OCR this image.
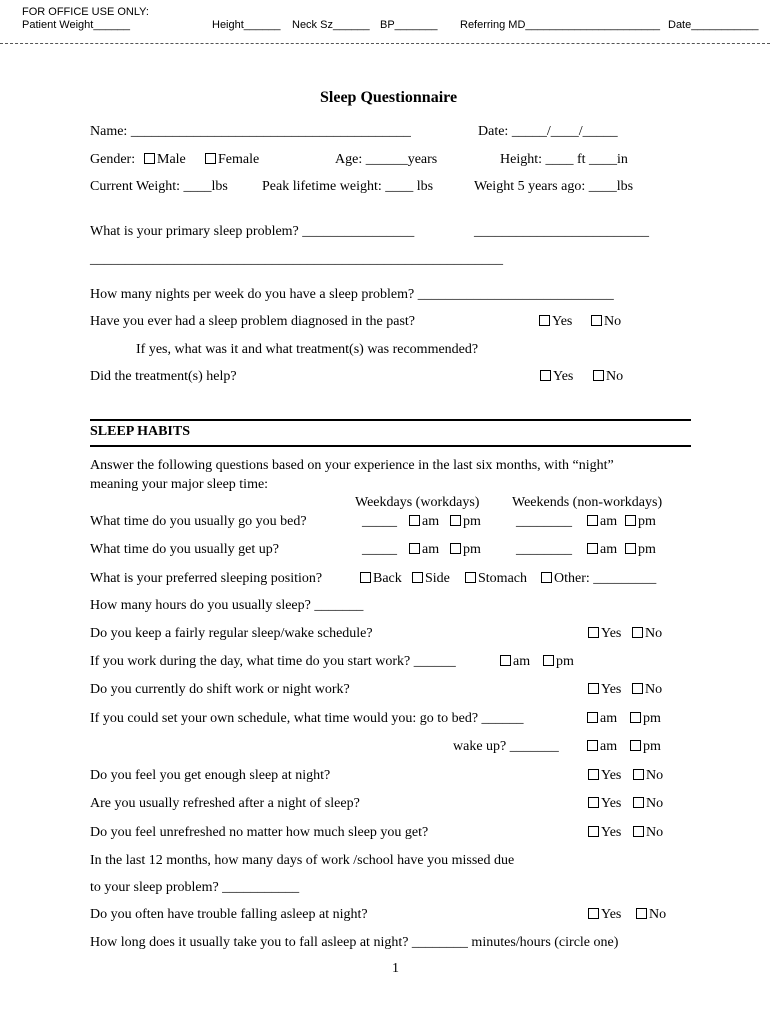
FOR OFFICE USE ONLY:
Patient Weight______	Height______ Neck Sz______ BP_______ Referring MD______________________ Date___________
Sleep Questionnaire
Name: ________________________________________	Date: _____/____/_____
Gender:	Male	Female	Age: ______years	Height: ____ ft ____in
Current Weight: ____lbs Peak lifetime weight: ____ lbs	Weight 5 years ago: ____lbs
What is your primary sleep problem? ________________	_________________________
___________________________________________________________
How many nights per week do you have a sleep problem? ____________________________
Have you ever had a sleep problem diagnosed in the past?	Yes	No
If yes, what was it and what treatment(s) was recommended?
Did the treatment(s) help?	Yes	No
SLEEP HABITS
Answer the following questions based on your experience in the last six months, with “night”
meaning your major sleep time:
Weekdays (workdays) Weekends (non-workdays)
What time do you usually go you bed?	_____	am	pm	________	am	pm
What time do you usually get up?	_____	am	pm	________	am	pm
What is your preferred sleeping position?	Back	Side	Stomach	Other: _________
How many hours do you usually sleep? _______
Do you keep a fairly regular sleep/wake schedule?	Yes	No
If you work during the day, what time do you start work? ______	am	pm
Do you currently do shift work or night work?	Yes	No
If you could set your own schedule, what time would you: go to bed? ______	am	pm
wake up? _______	am	pm
Do you feel you get enough sleep at night?	Yes	No
Are you usually refreshed after a night of sleep?	Yes	No
Do you feel unrefreshed no matter how much sleep you get?	Yes	No
In the last 12 months, how many days of work /school have you missed due
to your sleep problem? ___________
Do you often have trouble falling asleep at night?	Yes	No
How long does it usually take you to fall asleep at night? ________ minutes/hours (circle one)
1
